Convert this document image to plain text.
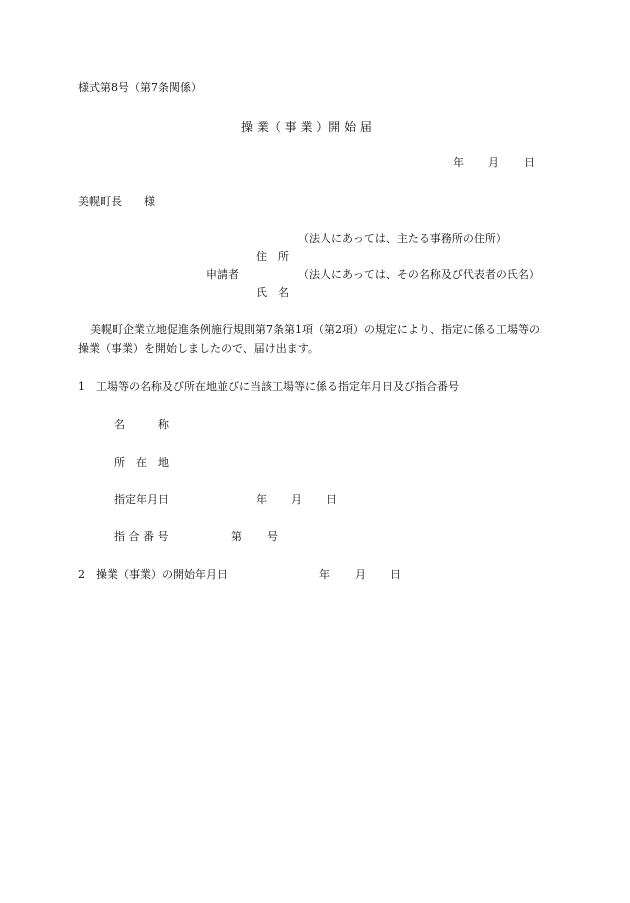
様式第8号（第7条関係）
操 業（ 事 業 ）開 始 届
年 月 日
美幌町長　　様
（法人にあっては、主たる事務所の住所）
住　所
申請者	（法人にあっては、その名称及び代表者の氏名）
氏　名
美幌町企業立地促進条例施行規則第7条第1項（第2項）の規定により、指定に係る工場等の
操業（事業）を開始しましたので、届け出ます。
1　工場等の名称及び所在地並びに当該工場等に係る指定年月日及び指合番号
名　　　称
所　在　地
指定年月日	年 月 日
指 合 番 号	第 号
2　操業（事業）の開始年月日	年 月 日
